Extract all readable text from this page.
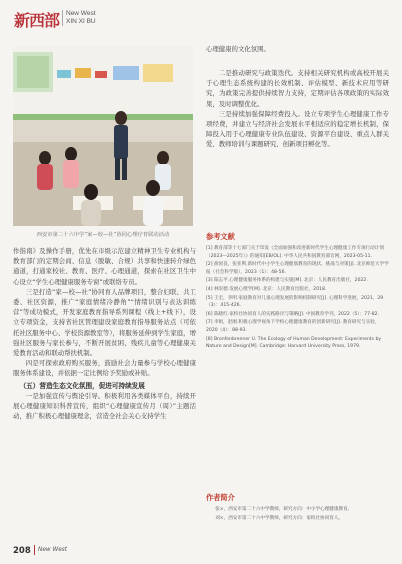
新西部 New West
XIN XI BU
西安市第二十六中学“家—校—社”协同心理疗育联动活动

作指南》及操作手册，优先在市级示范建立精神卫生专业机构与教育部门的定期会商、信息（脱敏、合规）共享和快速转介绿色通道，打通家校社、教育、医疗、心理通道，探索在社区卫生中心设立“学生心理健康服务专窗”或联络专员。

三是打造“家—校—社”协同育人品牌项目，整合妇联、共工委、社区资源，推广“家庭情绪冷静角”“情绪识别与表达训练营”等成功模式，开发家庭教育指导系列课程（线上+线下），设立专项资金，支持省社区管理建设家庭教育指导服务站点（可依托社区服务中心、学校资源教室等），将服务延伸到学生家庭，增强社区服务与家长参与，不断开展贫困、残疾儿童等心理健康关爱教育活动和联动帮扶机制。

四是可探索政府购买服务，鼓励社会力量参与学校心理健康服务体系建设，并依据一定比例给予奖励或补贴。

（五）营造生态文化氛围，促进可持续发展

一是加强宣传与舆论引导。积极利用各类媒体平台，持续开展心理健康知识科普宣传，组织“心理健康宣传月（周）”主题活动，推广积极心理健康理念，营造全社会关心支持学生

心理健康的文化氛围。

二是推动研究与政策迭代。支持相关研究机构或高校开展关于心理生态系统构建的长效机制、评估模型、新技术应用等研究，为政策完善提供持续智力支持，定期评估各项政策的实际效果，及时调整优化。

三是持续加强保障经费投入。设立专项学生心理健康工作专项经费，并建立与经济社会发展水平相适应的稳定增长机制，保障投入用于心理健康专业队伍建设、资源平台建设、重点人群关爱、教师培训与课题研究、创新项目孵化等。

参考文献
[1] 教育部等十七部门关于印发《全面加强和改进新时代学生心理健康工作专项行动计划（2023—2025年）》的通知[EB/OL]. 中华人民共和国教育部官网，2023-05-11.
[2] 俞国良，张亚利.新时代中小学生心理健康教育的现状、挑战与对策[J]. 北京师范大学学报（社会科学版），2023（1）：48-56.
[3] 阳志平.心理健康服务体系的构建与实施[M]. 北京：人民教育出版社，2022.
[4] 林崇德.发展心理学[M]. 北京：人民教育出版社，2018.
[5] 王宏，李明.家庭教育对儿童心理发展的影响机制研究[J]. 心理科学进展，2021，29（3）：415-426.
[6] 陈晓红.家校社协同育人的实践路径与策略[J]. 中国教育学刊，2022（5）：77-82.
[7] 李娟，赵刚.积极心理学视角下学校心理健康教育的创新研究[J]. 教育研究与实验，2020（4）：88-93.
[8] Bronfenbrenner U. The Ecology of Human Development: Experiments by Nature and Design[M]. Cambridge: Harvard University Press, 1979.
作者简介
张×，西安市第二十六中学教师，研究方向：中小学心理健康教育。
刘×，西安市第二十六中学教师，研究方向：家校社协同育人。
208 New West
